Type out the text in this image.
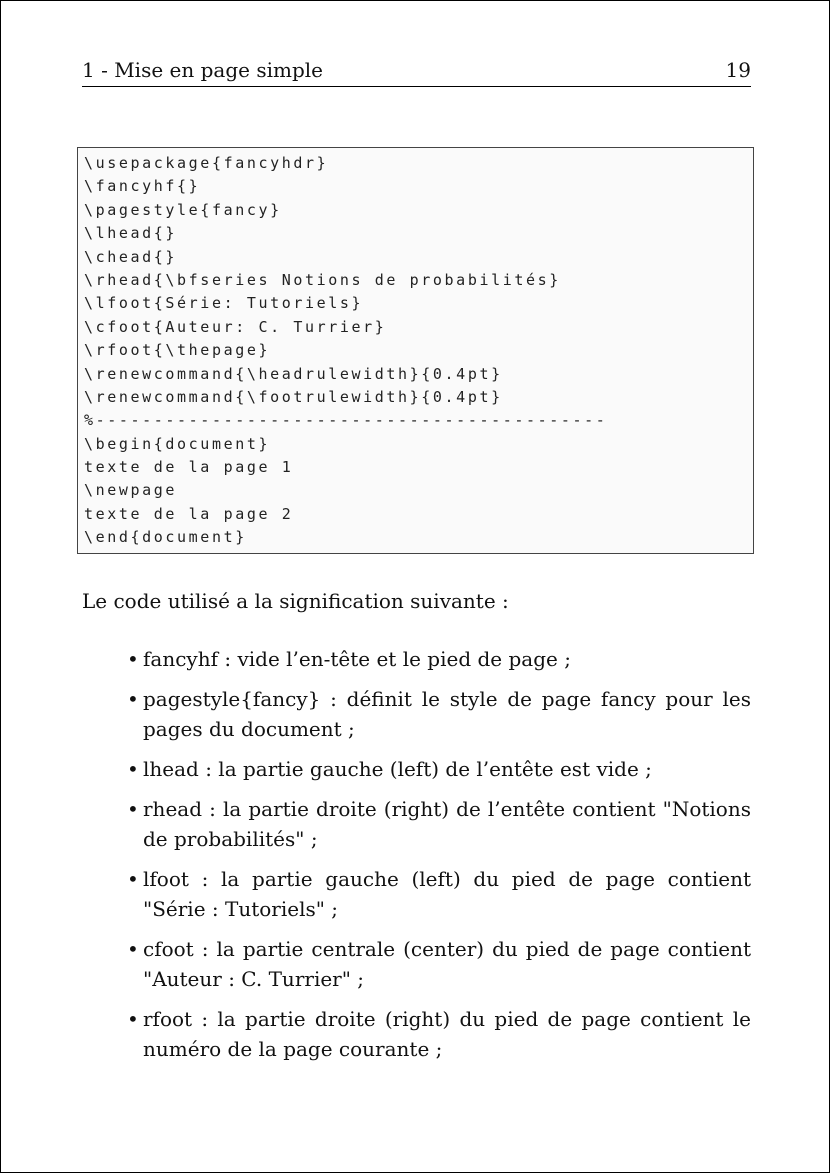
1 - Mise en page simple	19
\usepackage{fancyhdr}
\fancyhf{}
\pagestyle{fancy}
\lhead{}
\chead{}
\rhead{\bfseries Notions de probabilités}
\lfoot{Série: Tutoriels}
\cfoot{Auteur: C. Turrier}
\rfoot{\thepage}
\renewcommand{\headrulewidth}{0.4pt}
\renewcommand{\footrulewidth}{0.4pt}
%--------------------------------------------
\begin{document}
texte de la page 1
\newpage
texte de la page 2
\end{document}
Le code utilisé a la signification suivante :
• fancyhf : vide l’en-tête et le pied de page ;
• pagestyle{fancy} : définit le style de page fancy pour les pages du document ;
• lhead : la partie gauche (left) de l’entête est vide ;
• rhead : la partie droite (right) de l’entête contient "Notions de probabilités" ;
• lfoot : la partie gauche (left) du pied de page contient "Série : Tutoriels" ;
• cfoot : la partie centrale (center) du pied de page contient "Auteur : C. Turrier" ;
• rfoot : la partie droite (right) du pied de page contient le numéro de la page courante ;
